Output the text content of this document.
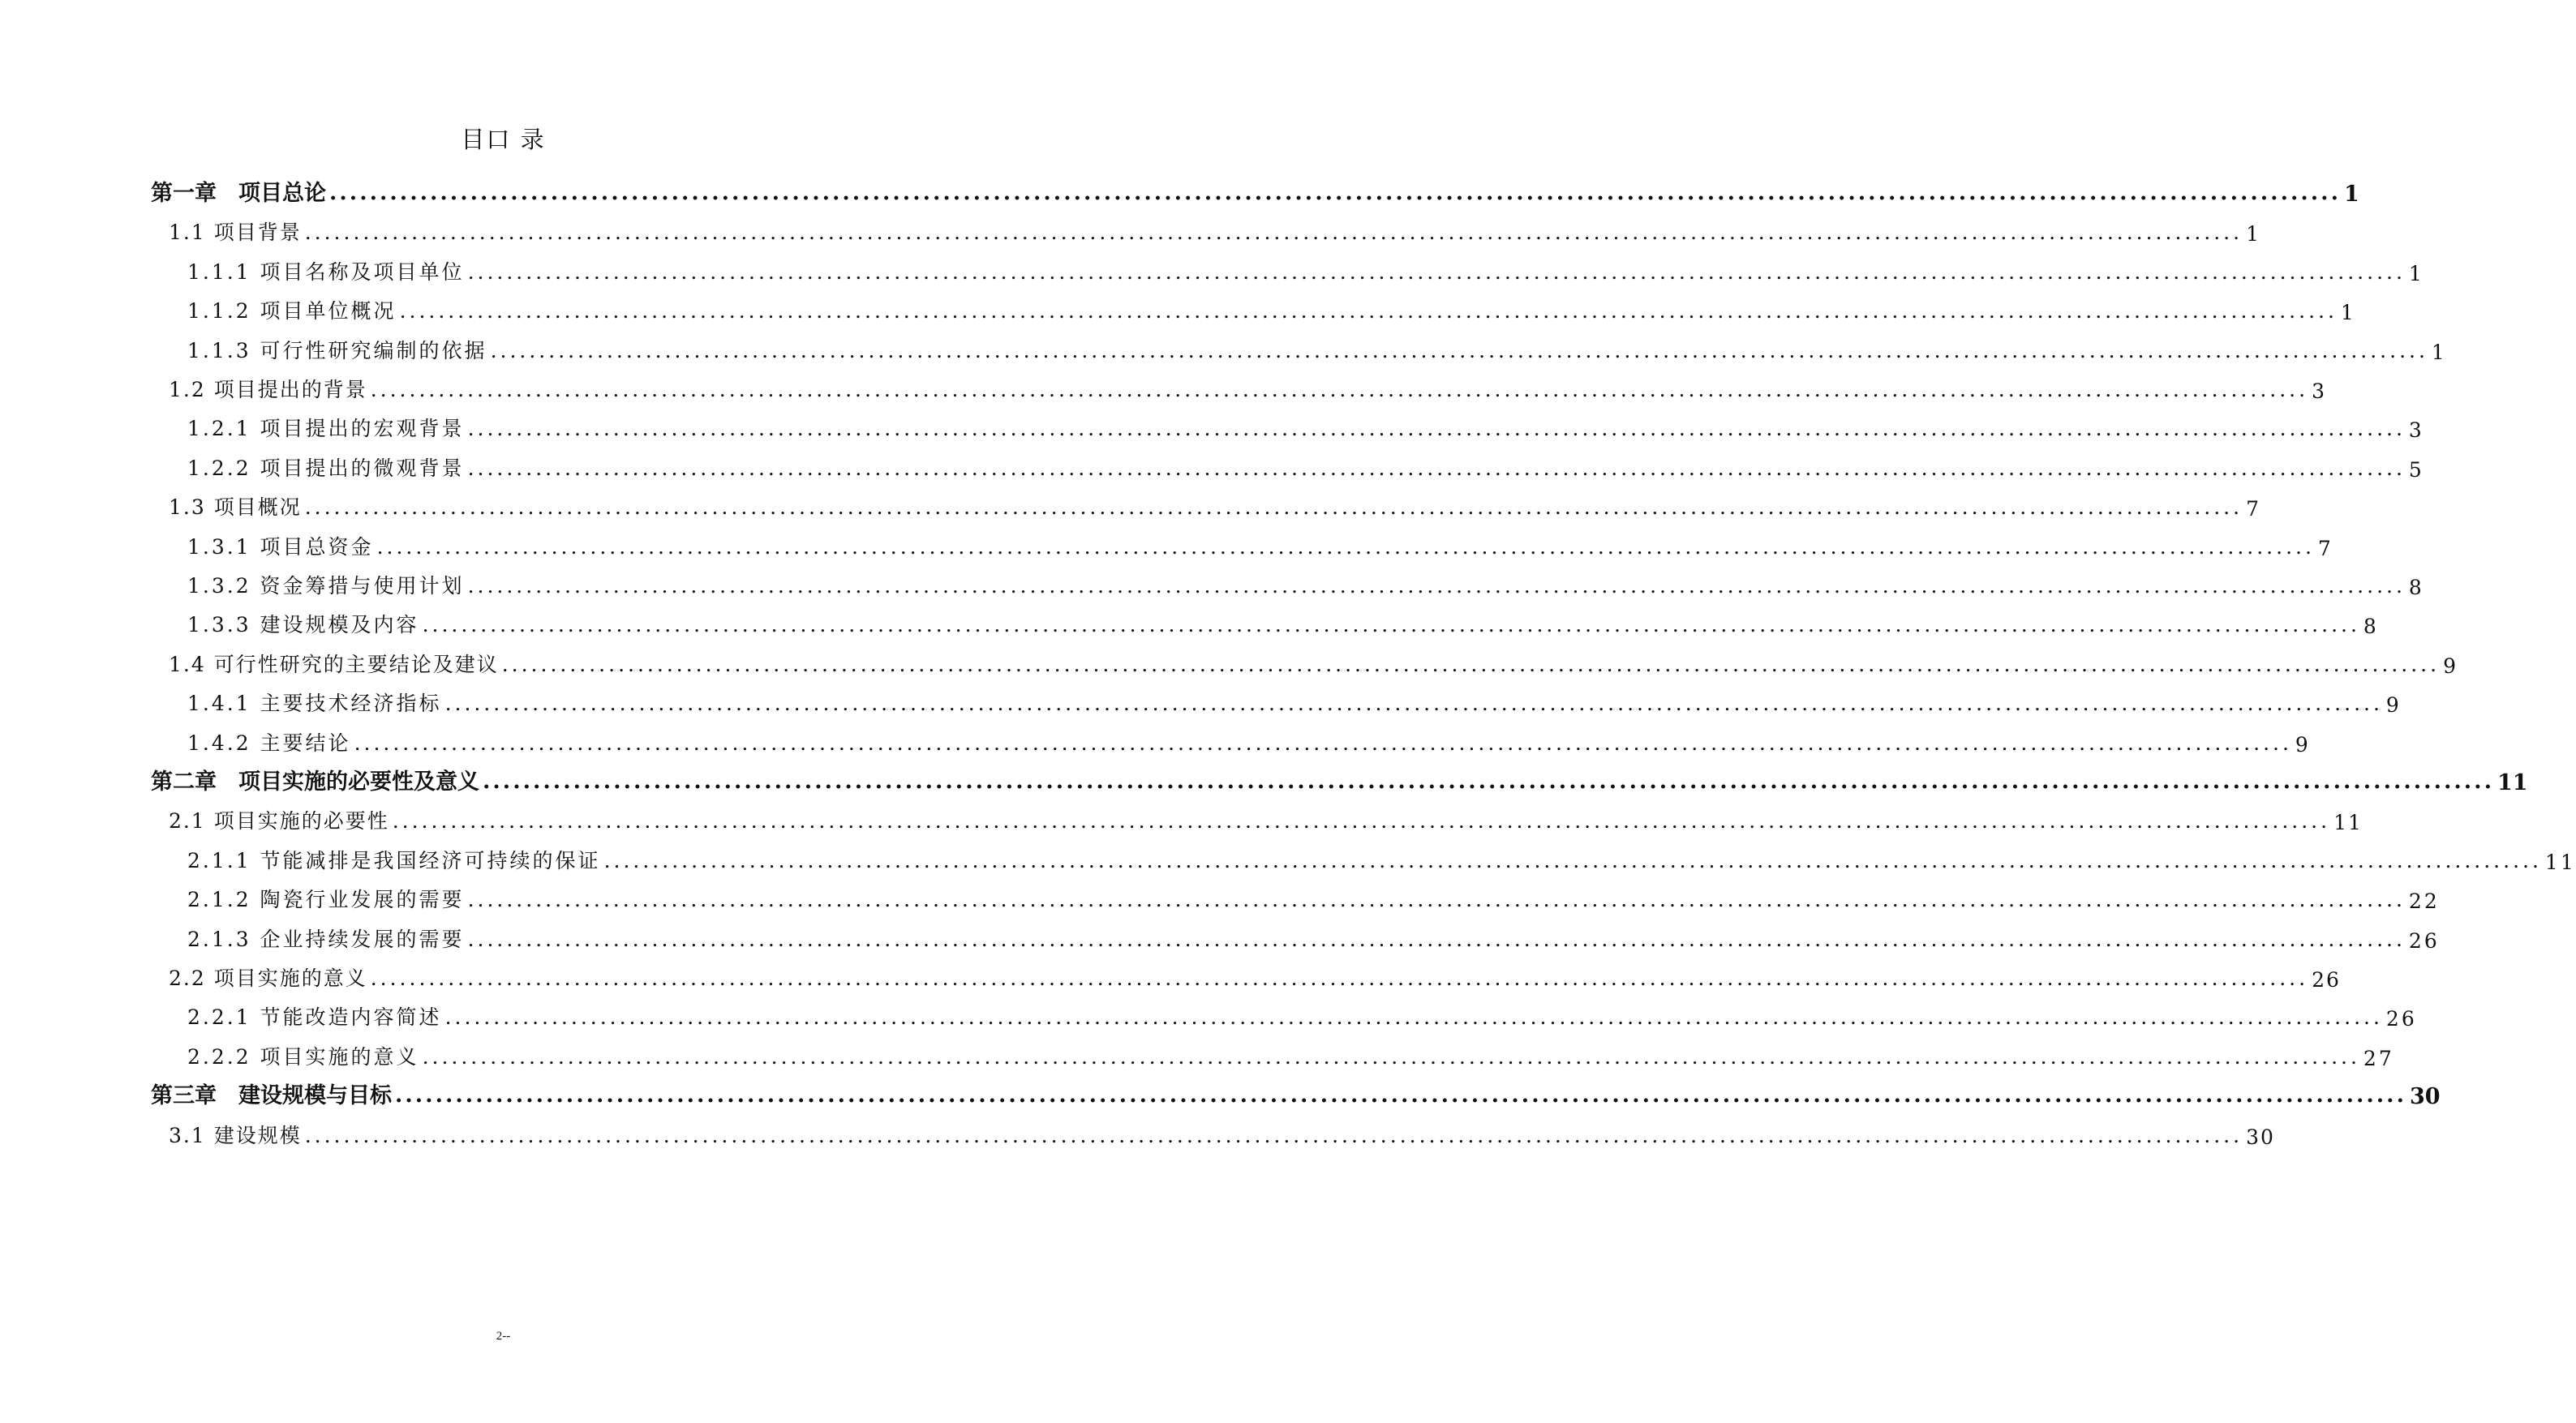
目口 录
第一章　项目总论 ........................................................................................................................................................................................................ 1
1.1 项目背景 ........................................................................................................................................................................................................ 1
1.1.1 项目名称及项目单位 ........................................................................................................................................................................................................ 1
1.1.2 项目单位概况 ........................................................................................................................................................................................................ 1
1.1.3 可行性研究编制的依据 ........................................................................................................................................................................................................ 1
1.2 项目提出的背景 ........................................................................................................................................................................................................ 3
1.2.1 项目提出的宏观背景 ........................................................................................................................................................................................................ 3
1.2.2 项目提出的微观背景 ........................................................................................................................................................................................................ 5
1.3 项目概况 ........................................................................................................................................................................................................ 7
1.3.1 项目总资金 ........................................................................................................................................................................................................ 7
1.3.2 资金筹措与使用计划 ........................................................................................................................................................................................................ 8
1.3.3 建设规模及内容 ........................................................................................................................................................................................................ 8
1.4 可行性研究的主要结论及建议 ........................................................................................................................................................................................................ 9
1.4.1 主要技术经济指标 ........................................................................................................................................................................................................ 9
1.4.2 主要结论 ........................................................................................................................................................................................................ 9
第二章　项目实施的必要性及意义 ........................................................................................................................................................................................................ 11
2.1 项目实施的必要性 ........................................................................................................................................................................................................ 11
2.1.1 节能减排是我国经济可持续的保证 ........................................................................................................................................................................................................ 11
2.1.2 陶瓷行业发展的需要 ........................................................................................................................................................................................................ 22
2.1.3 企业持续发展的需要 ........................................................................................................................................................................................................ 26
2.2 项目实施的意义 ........................................................................................................................................................................................................ 26
2.2.1 节能改造内容简述 ........................................................................................................................................................................................................ 26
2.2.2 项目实施的意义 ........................................................................................................................................................................................................ 27
第三章　建设规模与目标 ........................................................................................................................................................................................................ 30
3.1 建设规模 ........................................................................................................................................................................................................ 30
2--
